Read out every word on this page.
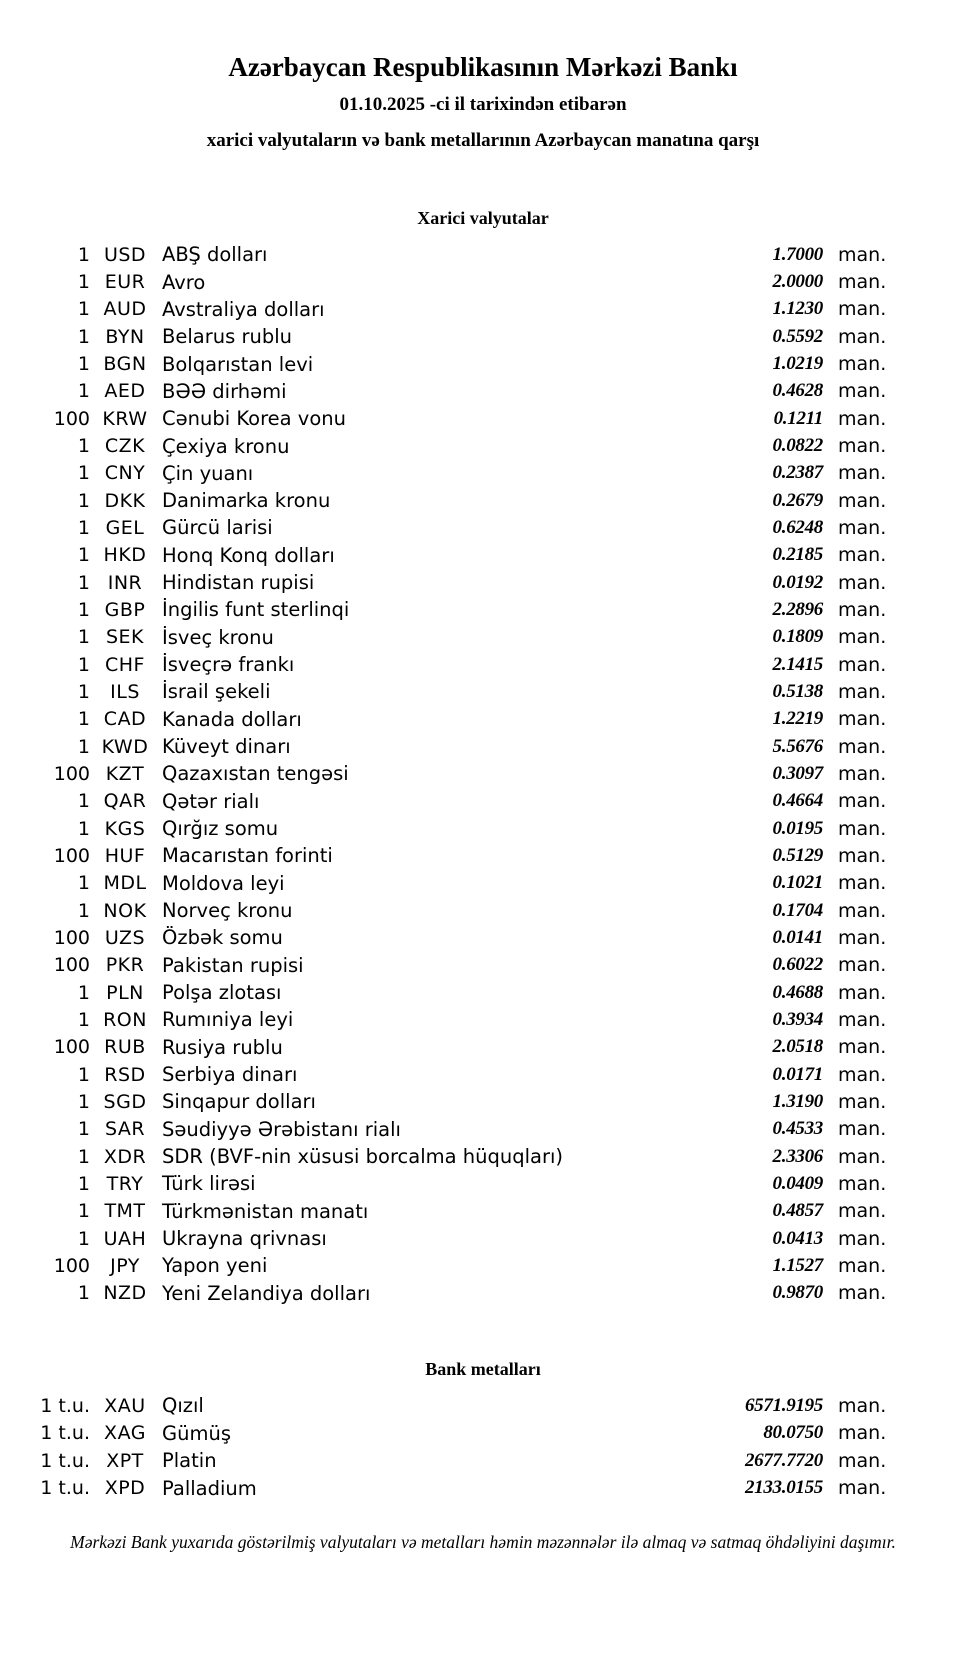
Azərbaycan Respublikasının Mərkəzi Bankı
01.10.2025 -ci il tarixindən etibarən
xarici valyutaların və bank metallarının Azərbaycan manatına qarşı
Xarici valyutalar
1 USD ABŞ dolları	1.7000 man.
1 EUR Avro	2.0000 man.
1 AUD Avstraliya dolları	1.1230 man.
1 BYN Belarus rublu	0.5592 man.
1 BGN Bolqarıstan levi	1.0219 man.
1 AED BƏƏ dirhəmi	0.4628 man.
100 KRW Cənubi Korea vonu	0.1211 man.
1 CZK Çexiya kronu	0.0822 man.
1 CNY Çin yuanı	0.2387 man.
1 DKK Danimarka kronu	0.2679 man.
1 GEL Gürcü larisi	0.6248 man.
1 HKD Honq Konq dolları	0.2185 man.
1 INR	Hindistan rupisi	0.0192 man.
1 GBP İngilis funt sterlinqi	2.2896 man.
1 SEK İsveç kronu	0.1809 man.
1 CHF İsveçrə frankı	2.1415 man.
1	ILS	İsrail şekeli	0.5138 man.
1 CAD Kanada dolları	1.2219 man.
1 KWD Küveyt dinarı	5.5676 man.
100 KZT Qazaxıstan tengəsi	0.3097 man.
1 QAR Qətər rialı	0.4664 man.
1 KGS Qırğız somu	0.0195 man.
100 HUF Macarıstan forinti	0.5129 man.
1 MDL Moldova leyi	0.1021 man.
1 NOK Norveç kronu	0.1704 man.
100 UZS Özbək somu	0.0141 man.
100 PKR Pakistan rupisi	0.6022 man.
1 PLN Polşa zlotası	0.4688 man.
1 RON Rumıniya leyi	0.3934 man.
100 RUB Rusiya rublu	2.0518 man.
1 RSD Serbiya dinarı	0.0171 man.
1 SGD Sinqapur dolları	1.3190 man.
1 SAR Səudiyyə Ərəbistanı rialı	0.4533 man.
1 XDR SDR (BVF-nin xüsusi borcalma hüquqları)	2.3306 man.
1 TRY Türk lirəsi	0.0409 man.
1 TMT Türkmənistan manatı	0.4857 man.
1 UAH Ukrayna qrivnası	0.0413 man.
100	JPY	Yapon yeni	1.1527 man.
1 NZD Yeni Zelandiya dolları	0.9870 man.
Bank metalları
1 t.u. XAU Qızıl	6571.9195 man.
1 t.u. XAG Gümüş	80.0750 man.
1 t.u. XPT Platin	2677.7720 man.
1 t.u. XPD Palladium	2133.0155 man.
Mərkəzi Bank yuxarıda göstərilmiş valyutaları və metalları həmin məzənnələr ilə almaq və satmaq öhdəliyini daşımır.
